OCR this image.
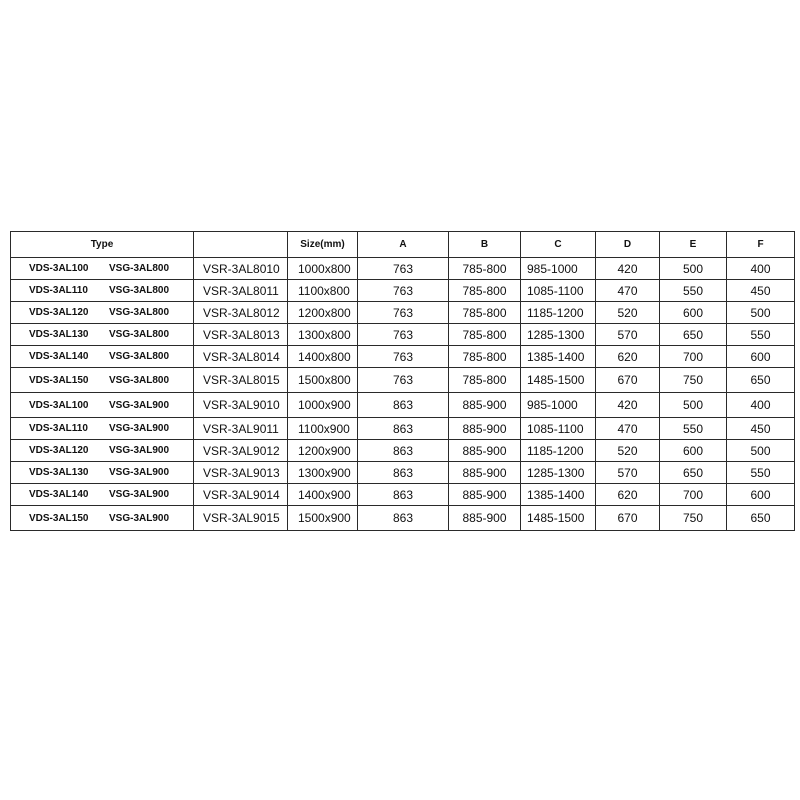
Type		Size(mm)	A	B	C	D	E	F
VDS-3AL100 VSG-3AL800	VSR-3AL8010	1000x800	763	785-800	985-1000	420	500	400
VDS-3AL110 VSG-3AL800	VSR-3AL8011	1100x800	763	785-800	1085-1100	470	550	450
VDS-3AL120 VSG-3AL800	VSR-3AL8012	1200x800	763	785-800	1185-1200	520	600	500
VDS-3AL130 VSG-3AL800	VSR-3AL8013	1300x800	763	785-800	1285-1300	570	650	550
VDS-3AL140 VSG-3AL800	VSR-3AL8014	1400x800	763	785-800	1385-1400	620	700	600
VDS-3AL150 VSG-3AL800	VSR-3AL8015	1500x800	763	785-800	1485-1500	670	750	650
VDS-3AL100 VSG-3AL900	VSR-3AL9010	1000x900	863	885-900	985-1000	420	500	400
VDS-3AL110 VSG-3AL900	VSR-3AL9011	1100x900	863	885-900	1085-1100	470	550	450
VDS-3AL120 VSG-3AL900	VSR-3AL9012	1200x900	863	885-900	1185-1200	520	600	500
VDS-3AL130 VSG-3AL900	VSR-3AL9013	1300x900	863	885-900	1285-1300	570	650	550
VDS-3AL140 VSG-3AL900	VSR-3AL9014	1400x900	863	885-900	1385-1400	620	700	600
VDS-3AL150 VSG-3AL900	VSR-3AL9015	1500x900	863	885-900	1485-1500	670	750	650
